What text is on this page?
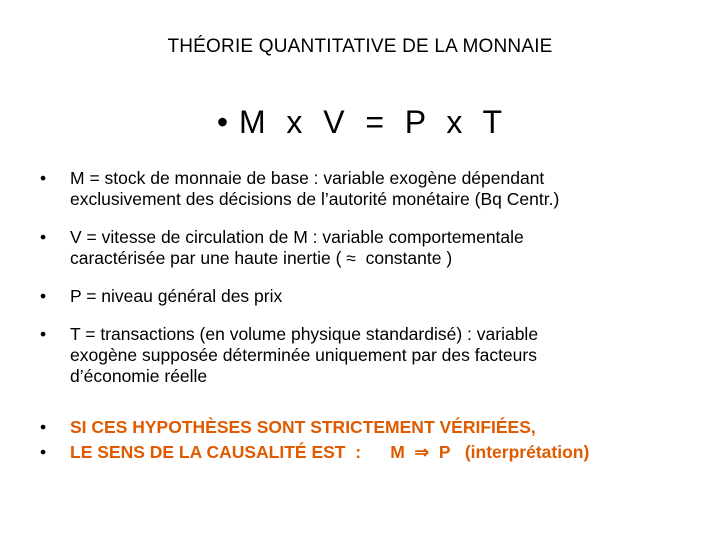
THÉORIE QUANTITATIVE DE LA MONNAIE
• M  x  V  =  P  x  T
•	M = stock de monnaie de base : variable exogène dépendant
exclusivement des décisions de l’autorité monétaire (Bq Centr.)
•	V = vitesse de circulation de M : variable comportementale
caractérisée par une haute inertie ( ≈  constante )
•	P = niveau général des prix
•	T = transactions (en volume physique standardisé) : variable
exogène supposée déterminée uniquement par des facteurs
d’économie réelle
•	SI CES HYPOTHÈSES SONT STRICTEMENT VÉRIFIÉES,
•	LE SENS DE LA CAUSALITÉ EST  :      M  ⇒  P   (interprétation)
